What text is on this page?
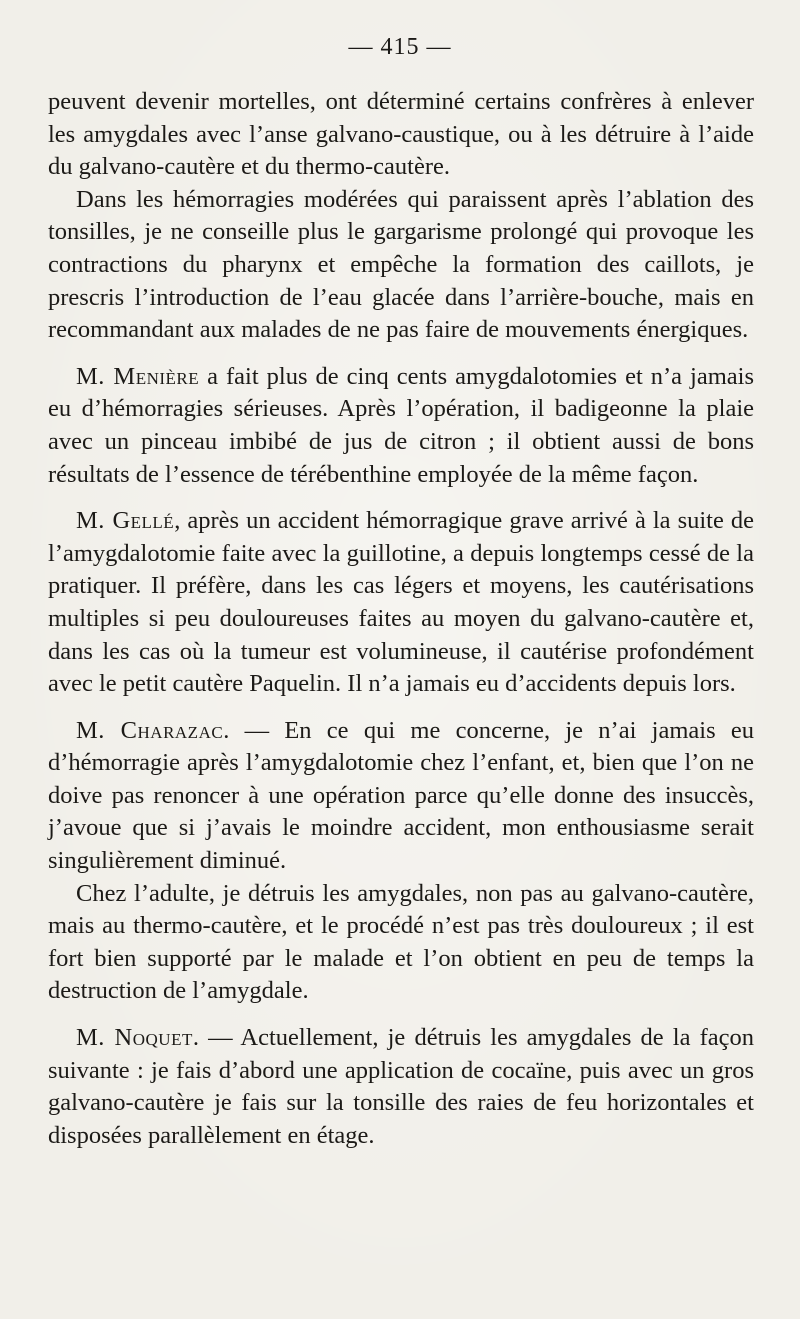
— 415 —

peuvent devenir mortelles, ont déterminé certains confrères à enlever les amygdales avec l’anse galvano-caustique, ou à les détruire à l’aide du galvano-cautère et du thermo-cautère.

Dans les hémorragies modérées qui paraissent après l’ablation des tonsilles, je ne conseille plus le gargarisme prolongé qui provoque les contractions du pharynx et empêche la formation des caillots, je prescris l’introduction de l’eau glacée dans l’arrière-bouche, mais en recommandant aux malades de ne pas faire de mouvements énergiques.

M. Menière a fait plus de cinq cents amygdalotomies et n’a jamais eu d’hémorragies sérieuses. Après l’opération, il badigeonne la plaie avec un pinceau imbibé de jus de citron ; il obtient aussi de bons résultats de l’essence de térébenthine employée de la même façon.

M. Gellé, après un accident hémorragique grave arrivé à la suite de l’amygdalotomie faite avec la guillotine, a depuis longtemps cessé de la pratiquer. Il préfère, dans les cas légers et moyens, les cautérisations multiples si peu douloureuses faites au moyen du galvano-cautère et, dans les cas où la tumeur est volumineuse, il cautérise profondément avec le petit cautère Paquelin. Il n’a jamais eu d’accidents depuis lors.

M. Charazac. — En ce qui me concerne, je n’ai jamais eu d’hémorragie après l’amygdalotomie chez l’enfant, et, bien que l’on ne doive pas renoncer à une opération parce qu’elle donne des insuccès, j’avoue que si j’avais le moindre accident, mon enthousiasme serait singulièrement diminué.

Chez l’adulte, je détruis les amygdales, non pas au galvano-cautère, mais au thermo-cautère, et le procédé n’est pas très douloureux ; il est fort bien supporté par le malade et l’on obtient en peu de temps la destruction de l’amygdale.

M. Noquet. — Actuellement, je détruis les amygdales de la façon suivante : je fais d’abord une application de cocaïne, puis avec un gros galvano-cautère je fais sur la tonsille des raies de feu horizontales et disposées parallèlement en étage.
